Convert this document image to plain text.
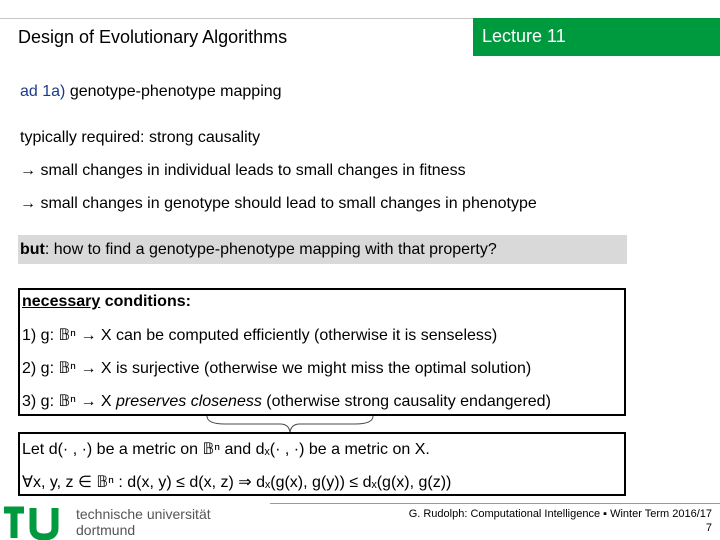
Design of Evolutionary Algorithms	Lecture 11
ad 1a) genotype-phenotype mapping
typically required: strong causality
→ small changes in individual leads to small changes in fitness
→ small changes in genotype should lead to small changes in phenotype
but: how to find a genotype-phenotype mapping with that property?
necessary conditions:
1) g: 𝔹ⁿ → X can be computed efficiently (otherwise it is senseless)
2) g: 𝔹ⁿ → X is surjective (otherwise we might miss the optimal solution)
3) g: 𝔹ⁿ → X preserves closeness (otherwise strong causality endangered)
Let d(· , ·) be a metric on 𝔹ⁿ and dₓ(· , ·) be a metric on X.
∀x, y, z ∈ 𝔹ⁿ : d(x, y) ≤ d(x, z) ⇒ dₓ(g(x), g(y)) ≤ dₓ(g(x), g(z))
G. Rudolph: Computational Intelligence ▪ Winter Term 2016/17
7
technische universität
dortmund
